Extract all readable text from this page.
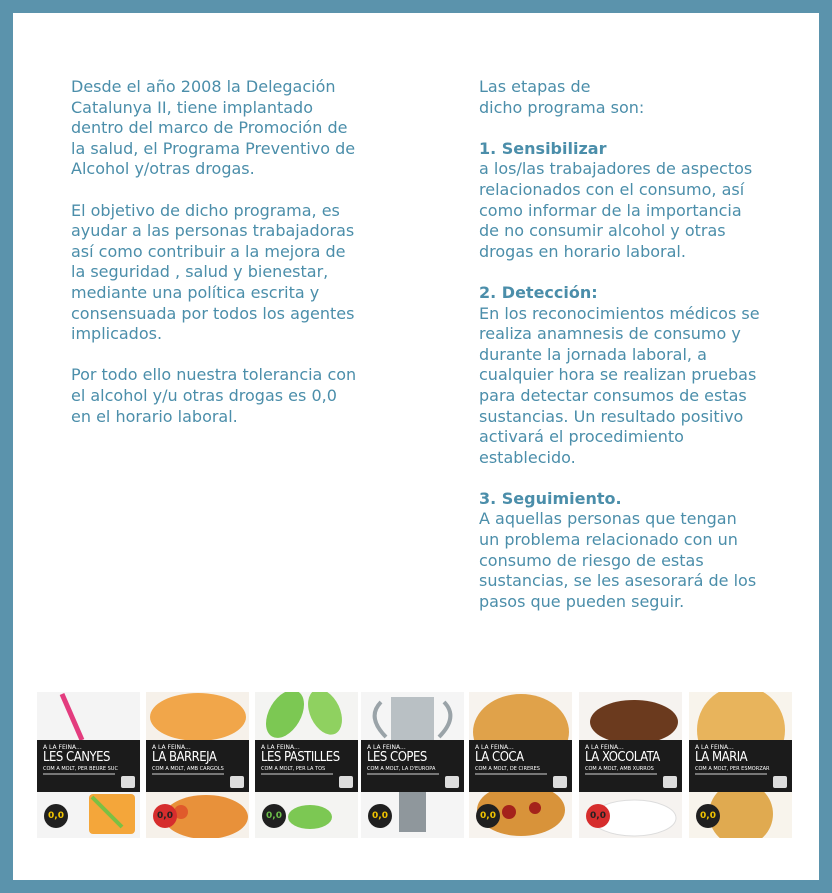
Desde el año 2008 la Delegación
Catalunya II, tiene implantado
dentro del marco de Promoción de
la salud, el Programa Preventivo de
Alcohol y/otras drogas.

El objetivo de dicho programa, es
ayudar a las personas trabajadoras
así como contribuir a la mejora de
la seguridad , salud y bienestar,
mediante una política escrita y
consensuada por todos los agentes
implicados.

Por todo ello nuestra tolerancia con
el alcohol y/u otras drogas es 0,0
en el horario laboral.

Las etapas de
dicho programa son:

1. Sensibilizar
a los/las trabajadores de aspectos
relacionados con el consumo, así
como informar de la importancia
de no consumir alcohol y otras
drogas en horario laboral.

2. Detección:
En los reconocimientos médicos se
realiza anamnesis de consumo y
durante la jornada laboral, a
cualquier hora se realizan pruebas
para detectar consumos de estas
sustancias. Un resultado positivo
activará el procedimiento
establecido.

3. Seguimiento.
A aquellas personas que tengan
un problema relacionado con un
consumo de riesgo de estas
sustancias, se les asesorará de los
pasos que pueden seguir.

A LA FEINA...
LES CANYES
COM A MOLT, PER BEURE SUC
0,0
A LA FEINA...
LA BARREJA
COM A MOLT, AMB CARGOLS
0,0
A LA FEINA...
LES PASTILLES
COM A MOLT, PER LA TOS
0,0
A LA FEINA...
LES COPES
COM A MOLT, LA D'EUROPA
0,0
A LA FEINA...
LA COCA
COM A MOLT, DE CIRERES
0,0
A LA FEINA...
LA XOCOLATA
COM A MOLT, AMB XURROS
0,0
A LA FEINA...
LA MARIA
COM A MOLT, PER ESMORZAR
0,0
